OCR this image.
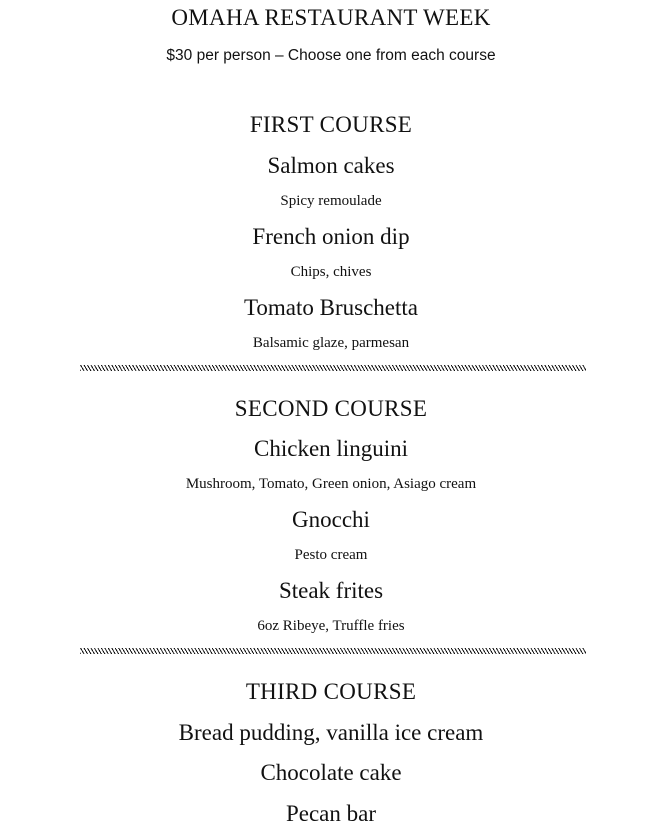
OMAHA RESTAURANT WEEK
$30 per person – Choose one from each course
FIRST COURSE
Salmon cakes
Spicy remoulade
French onion dip
Chips, chives
Tomato Bruschetta
Balsamic glaze, parmesan
SECOND COURSE
Chicken linguini
Mushroom, Tomato, Green onion, Asiago cream
Gnocchi
Pesto cream
Steak frites
6oz Ribeye, Truffle fries
THIRD COURSE
Bread pudding, vanilla ice cream
Chocolate cake
Pecan bar
